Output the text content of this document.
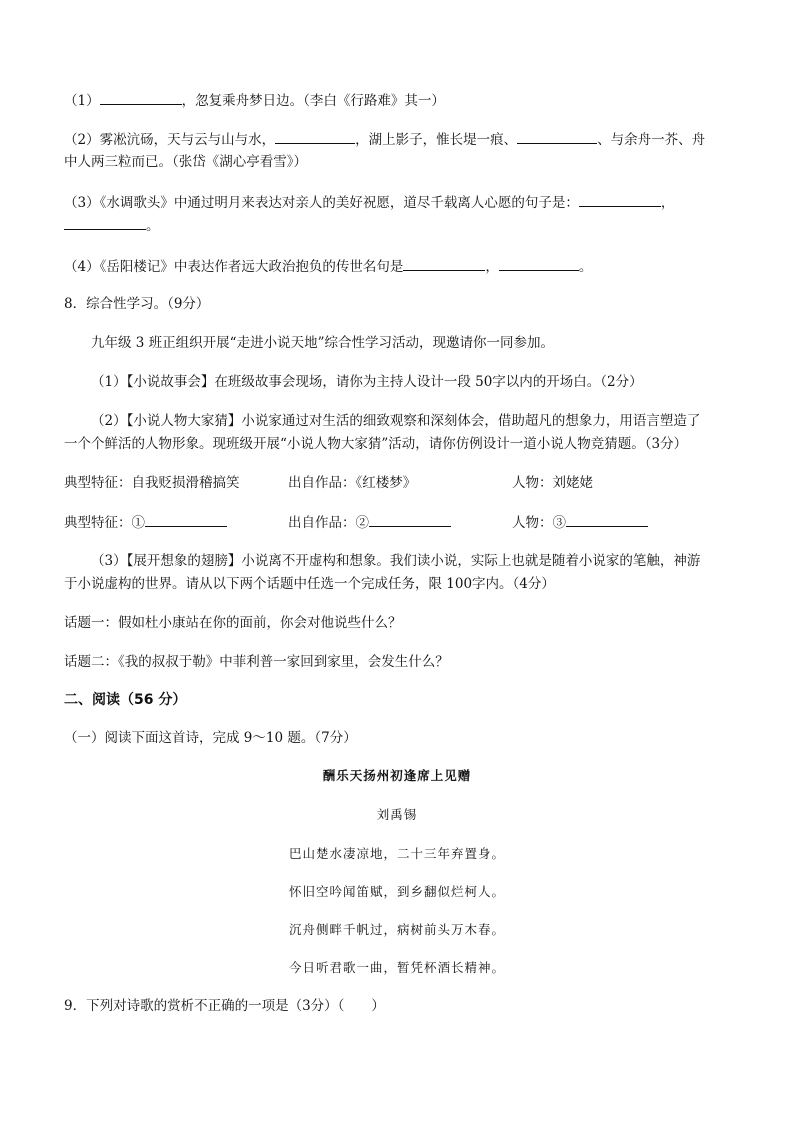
（1）	，忽复乘舟梦日边。（李白《行路难》其一）
（2）雾凇沆砀，天与云与山与水，	，湖上影子，惟长堤一痕、	、与余舟一芥、舟
中人两三粒而已。（张岱《湖心亭看雪》）
（3）《水调歌头》中通过明月来表达对亲人的美好祝愿，道尽千载离人心愿的句子是：	，
。
（4）《岳阳楼记》中表达作者远大政治抱负的传世名句是	，	。
8．综合性学习。（9分）
九年级 3 班正组织开展“走进小说天地”综合性学习活动，现邀请你一同参加。
（1）【小说故事会】在班级故事会现场，请你为主持人设计一段 50字以内的开场白。（2分）
（2）【小说人物大家猜】小说家通过对生活的细致观察和深刻体会，借助超凡的想象力，用语言塑造了
一个个鲜活的人物形象。现班级开展“小说人物大家猜”活动，请你仿例设计一道小说人物竞猜题。（3分）
典型特征：自我贬损滑稽搞笑	出自作品：《红楼梦》	人物：刘姥姥
典型特征：①	出自作品：②	人物：③
（3）【展开想象的翅膀】小说离不开虚构和想象。我们读小说，实际上也就是随着小说家的笔触，神游
于小说虚构的世界。请从以下两个话题中任选一个完成任务，限 100字内。（4分）
话题一：假如杜小康站在你的面前，你会对他说些什么？
话题二：《我的叔叔于勒》中菲利普一家回到家里，会发生什么？
二、阅读（56 分）
（一）阅读下面这首诗，完成 9～10 题。（7分）
酬乐天扬州初逢席上见赠
刘禹锡
巴山楚水凄凉地，二十三年弃置身。
怀旧空吟闻笛赋，到乡翻似烂柯人。
沉舟侧畔千帆过，病树前头万木春。
今日听君歌一曲，暂凭杯酒长精神。
9．下列对诗歌的赏析不正确的一项是（3分）（　　）
